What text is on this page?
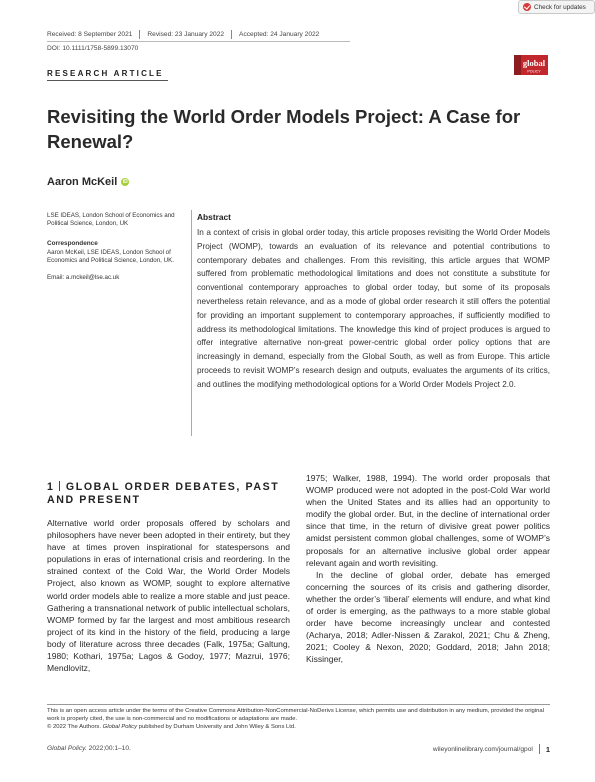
Check for updates
Received: 8 September 2021 Revised: 23 January 2022 Accepted: 24 January 2022
DOI: 10.1111/1758-5899.13070
RESEARCH ARTICLE
global
POLICY
Revisiting the World Order Models Project: A Case for Renewal?
Aaron McKeil	iD
LSE IDEAS, London School of Economics and Political Science, London, UK
Correspondence
Aaron McKeil, LSE IDEAS, London School of Economics and Political Science, London, UK.
Email: a.mckeil@lse.ac.uk
Abstract

In a context of crisis in global order today, this article proposes revisiting the World Order Models Project (WOMP), towards an evaluation of its relevance and potential contributions to contemporary debates and challenges. From this revisiting, this article argues that WOMP suffered from problematic methodological limitations and does not constitute a substitute for conventional contemporary approaches to global order today, but some of its proposals nevertheless retain relevance, and as a mode of global order research it still offers the potential for providing an important supplement to contemporary approaches, if sufficiently modified to address its methodological limitations. The knowledge this kind of project produces is argued to offer integrative alternative non-great power-centric global order policy options that are increasingly in demand, especially from the Global South, as well as from Europe. This article proceeds to revisit WOMP’s research design and outputs, evaluates the arguments of its critics, and outlines the modifying methodological options for a World Order Models Project 2.0.

1 GLOBAL ORDER DEBATES, PAST AND PRESENT

Alternative world order proposals offered by scholars and philosophers have never been adopted in their entirety, but they have at times proven inspirational for statespersons and populations in eras of international crisis and reordering. In the strained context of the Cold War, the World Order Models Project, also known as WOMP, sought to explore alternative world order models able to realize a more stable and just peace. Gathering a transnational network of public intellectual scholars, WOMP formed by far the largest and most ambitious research project of its kind in the history of the field, producing a large body of literature across three decades (Falk, 1975a; Galtung, 1980; Kothari, 1975a; Lagos & Godoy, 1977; Mazrui, 1976; Mendlovitz,

1975; Walker, 1988, 1994). The world order proposals that WOMP produced were not adopted in the post-Cold War world when the United States and its allies had an opportunity to modify the global order. But, in the decline of international order since that time, in the return of divisive great power politics amidst persistent common global challenges, some of WOMP’s proposals for an alternative inclusive global order appear relevant again and worth revisiting.

In the decline of global order, debate has emerged concerning the sources of its crisis and gathering disorder, whether the order’s ‘liberal’ elements will endure, and what kind of order is emerging, as the pathways to a more stable global order have become increasingly unclear and contested (Acharya, 2018; Adler-Nissen & Zarakol, 2021; Chu & Zheng, 2021; Cooley & Nexon, 2020; Goddard, 2018; Jahn 2018; Kissinger,

This is an open access article under the terms of the Creative Commons Attribution-NonCommercial-NoDerivs License, which permits use and distribution in any medium, provided the original work is properly cited, the use is non-commercial and no modifications or adaptations are made.
© 2022 The Authors. Global Policy published by Durham University and John Wiley & Sons Ltd.
Global Policy. 2022;00:1–10.	wileyonlinelibrary.com/journal/gpol 1
